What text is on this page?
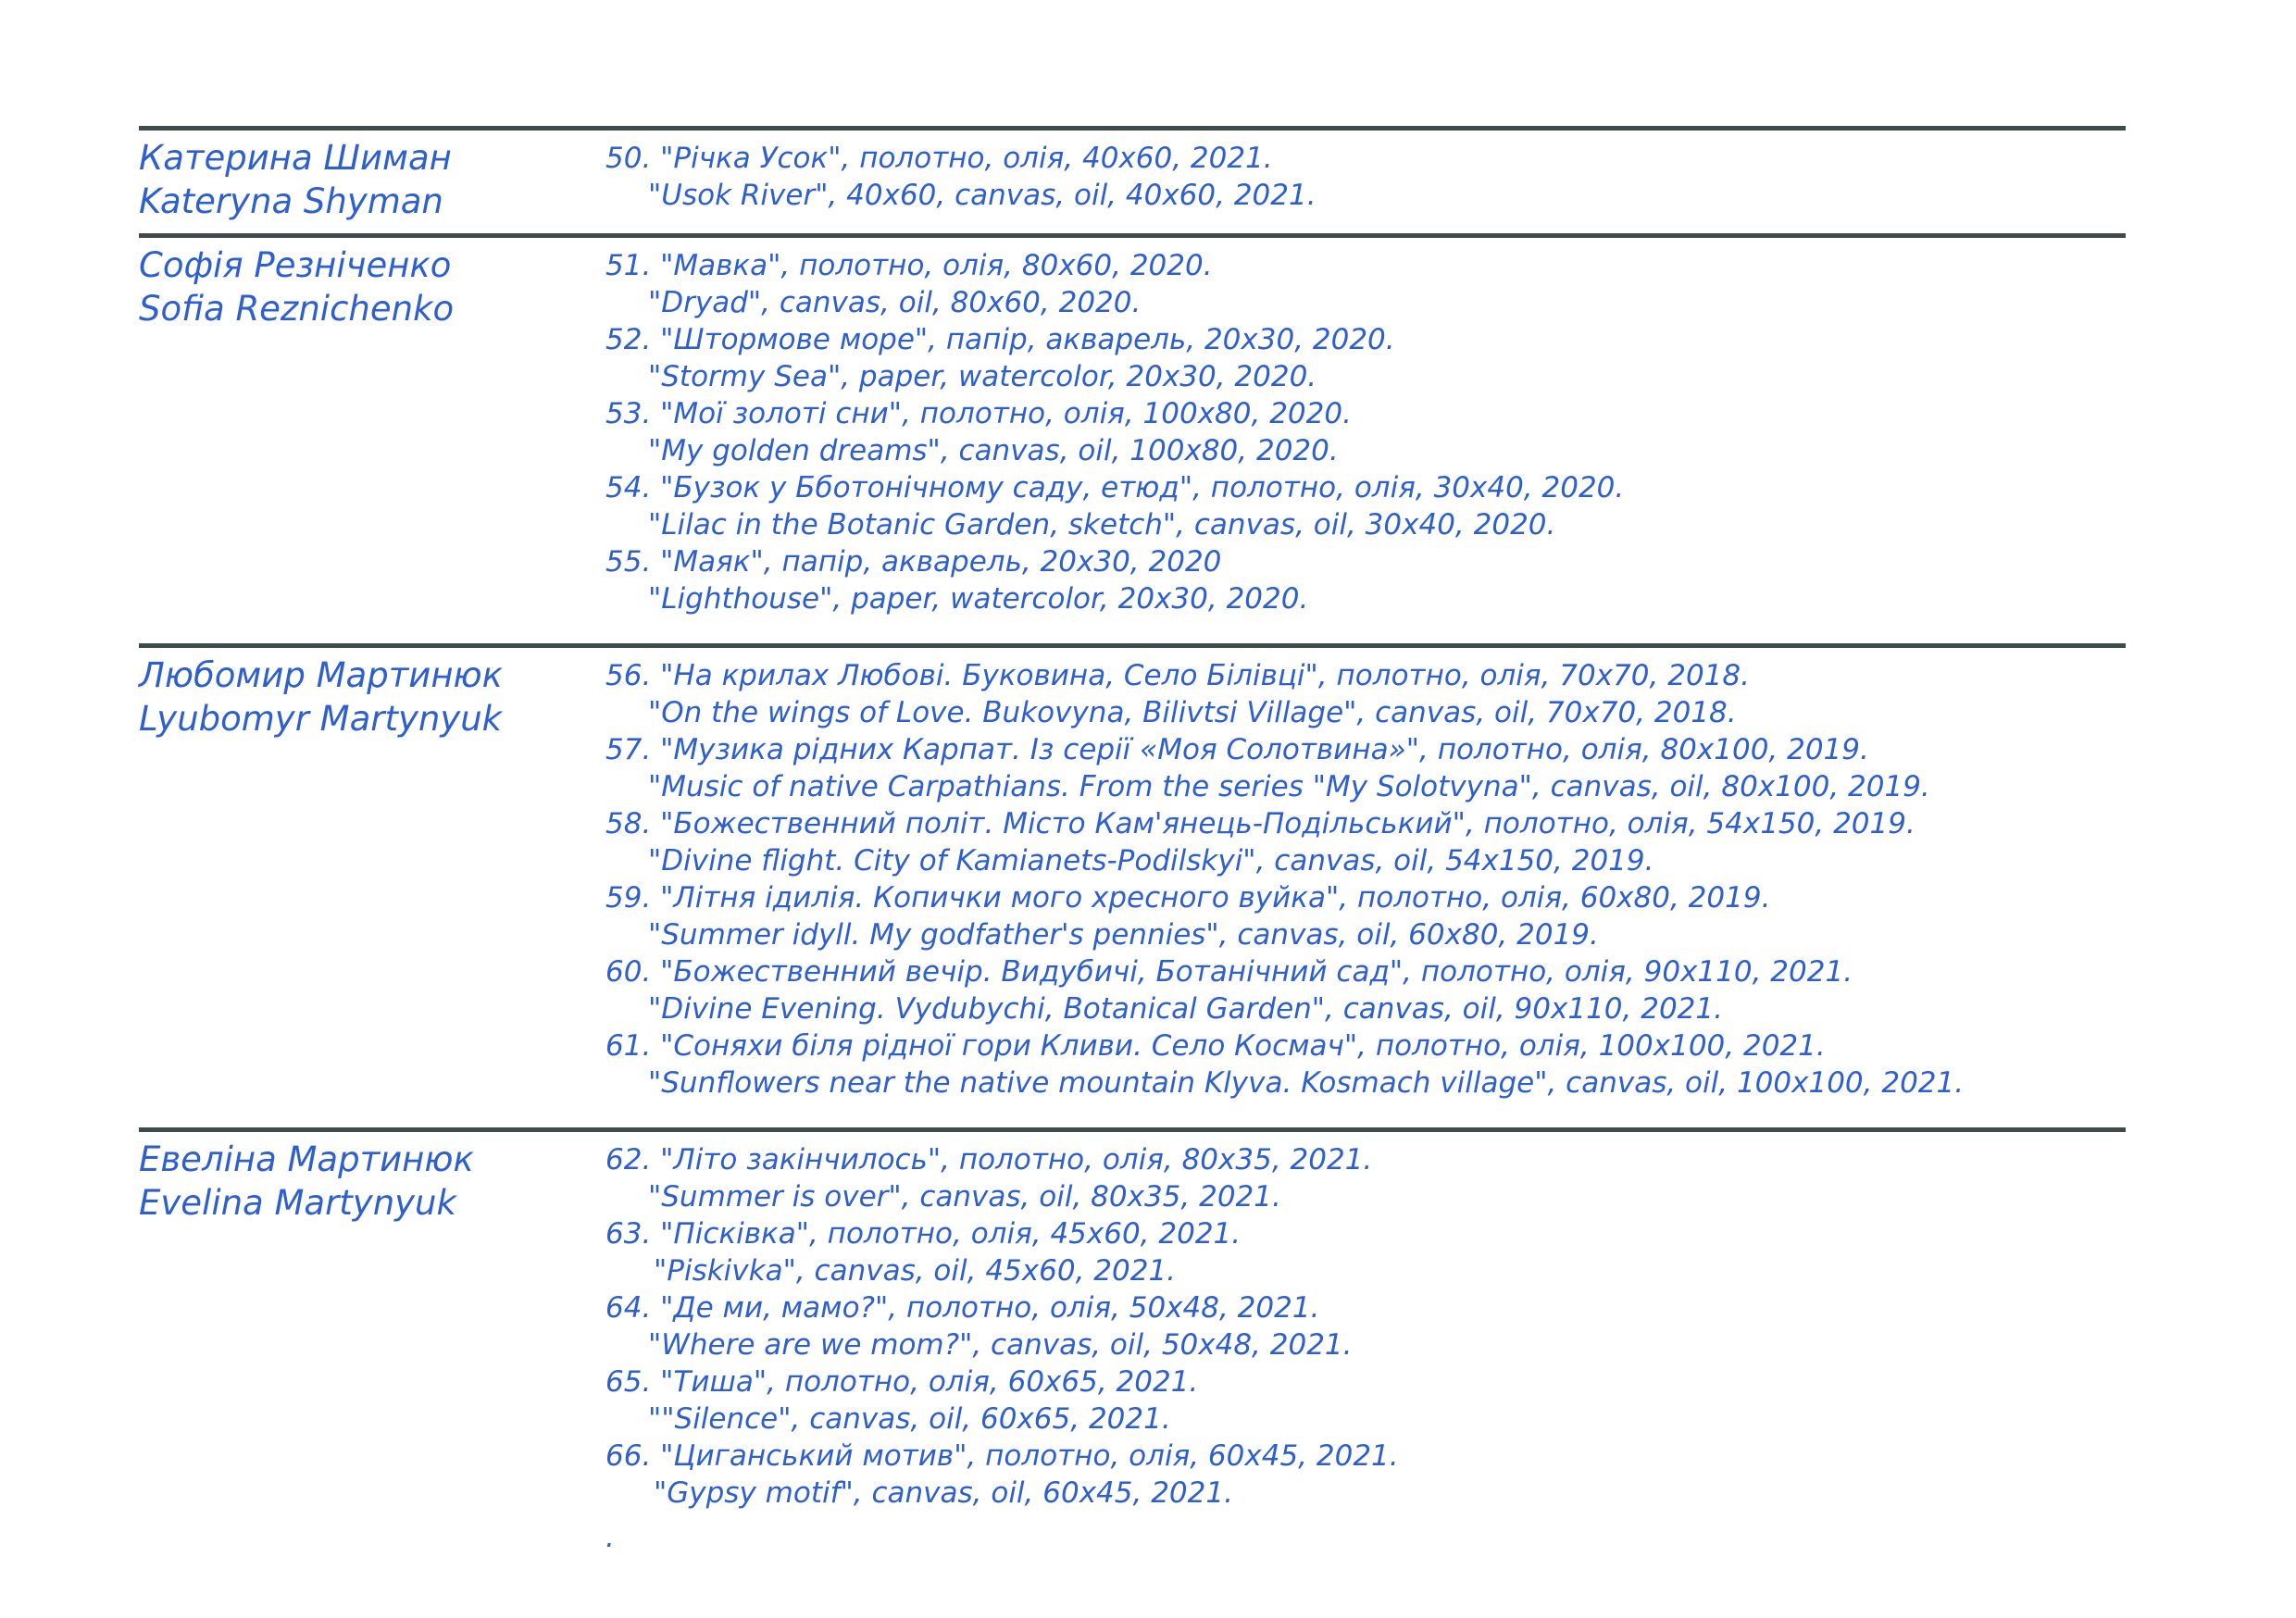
Катерина Шиман
Kateryna Shyman
50. "Річка Усок", полотно, олія, 40x60, 2021.
"Usok River", 40x60, canvas, oil, 40x60, 2021.
Софія Резніченко
Sofia Reznichenko
51. "Мавка", полотно, олія, 80x60, 2020.
"Dryad", canvas, oil, 80x60, 2020.
52. "Штормове море", папір, акварель, 20x30, 2020.
"Stormy Sea", paper, watercolor, 20x30, 2020.
53. "Мої золоті сни", полотно, олія, 100x80, 2020.
"My golden dreams", canvas, oil, 100x80, 2020.
54. "Бузок у Бботонічному саду, етюд", полотно, олія, 30x40, 2020.
"Lilac in the Botanic Garden, sketch", canvas, oil, 30x40, 2020.
55. "Маяк", папір, акварель, 20x30, 2020
"Lighthouse", paper, watercolor, 20x30, 2020.
Любомир Мартинюк
Lyubomyr Martynyuk
56. "На крилах Любові. Буковина, Село Білівці", полотно, олія, 70x70, 2018.
"On the wings of Love. Bukovyna, Bilivtsi Village", canvas, oil, 70x70, 2018.
57. "Музика рідних Карпат. Із серії «Моя Солотвина»", полотно, олія, 80x100, 2019.
"Music of native Carpathians. From the series "My Solotvyna", canvas, oil, 80x100, 2019.
58. "Божественний політ. Місто Кам'янець-Подільський", полотно, олія, 54x150, 2019.
"Divine flight. City of Kamianets-Podilskyi", canvas, oil, 54x150, 2019.
59. "Літня ідилія. Копички мого хресного вуйка", полотно, олія, 60x80, 2019.
"Summer idyll. My godfather's pennies", canvas, oil, 60x80, 2019.
60. "Божественний вечір. Видубичі, Ботанічний сад", полотно, олія, 90x110, 2021.
"Divine Evening. Vydubychi, Botanical Garden", canvas, oil, 90x110, 2021.
61. "Соняхи біля рідної гори Кливи. Село Космач", полотно, олія, 100x100, 2021.
"Sunflowers near the native mountain Klyva. Kosmach village", canvas, oil, 100x100, 2021.
Евеліна Мартинюк
Evelina Martynyuk
62. "Літо закінчилось", полотно, олія, 80x35, 2021.
"Summer is over", canvas, oil, 80x35, 2021.
63. "Пісківка", полотно, олія, 45x60, 2021.
"Piskivka", canvas, oil, 45x60, 2021.
64. "Де ми, мамо?", полотно, олія, 50x48, 2021.
"Where are we mom?", canvas, oil, 50x48, 2021.
65. "Тиша", полотно, олія, 60x65, 2021.
""Silence", canvas, oil, 60x65, 2021.
66. "Циганський мотив", полотно, олія, 60x45, 2021.
"Gypsy motif", canvas, oil, 60x45, 2021.
.
